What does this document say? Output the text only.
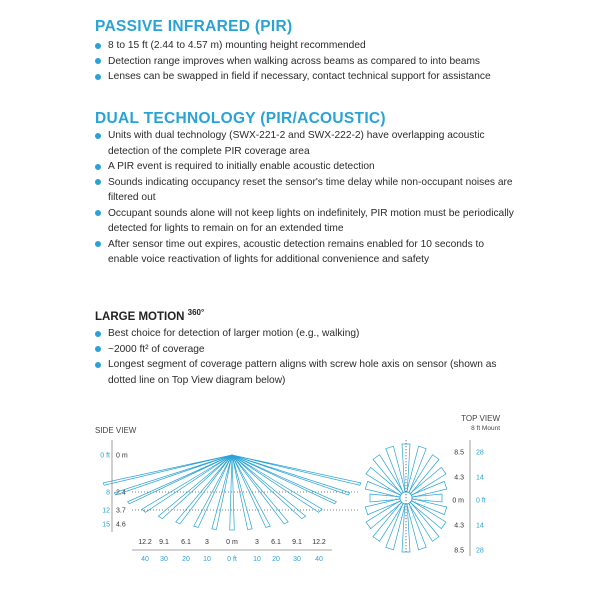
PASSIVE INFRARED (PIR)
8 to 15 ft (2.44 to 4.57 m) mounting height recommended
Detection range improves when walking across beams as compared to into beams
Lenses can be swapped in field if necessary, contact technical support for assistance
DUAL TECHNOLOGY (PIR/ACOUSTIC)
Units with dual technology (SWX-221-2 and SWX-222-2) have overlapping acoustic detection of the complete PIR coverage area
A PIR event is required to initially enable acoustic detection
Sounds indicating occupancy reset the sensor's time delay while non-occupant noises are filtered out
Occupant sounds alone will not keep lights on indefinitely, PIR motion must be periodically detected for lights to remain on for an extended time
After sensor time out expires, acoustic detection remains enabled for 10 seconds to enable voice reactivation of lights for additional convenience and safety
LARGE MOTION $^{360^\circ}$
Best choice for detection of larger motion (e.g., walking)
~2000 ft² of coverage
Longest segment of coverage pattern aligns with screw hole axis on sensor (shown as dotted line on Top View diagram below)
SIDE VIEW
0 ft
8
12
15
0 m
2.4
3.7
4.6
12.2 9.1 6.1 3 0 m 3 6.1 9.1 12.2
40 30 20 10 0 ft 10 20 30 40
TOP VIEW
8 ft Mount
8.5
4.3
0 m
4.3
8.5
28
14
0 ft
14
28
